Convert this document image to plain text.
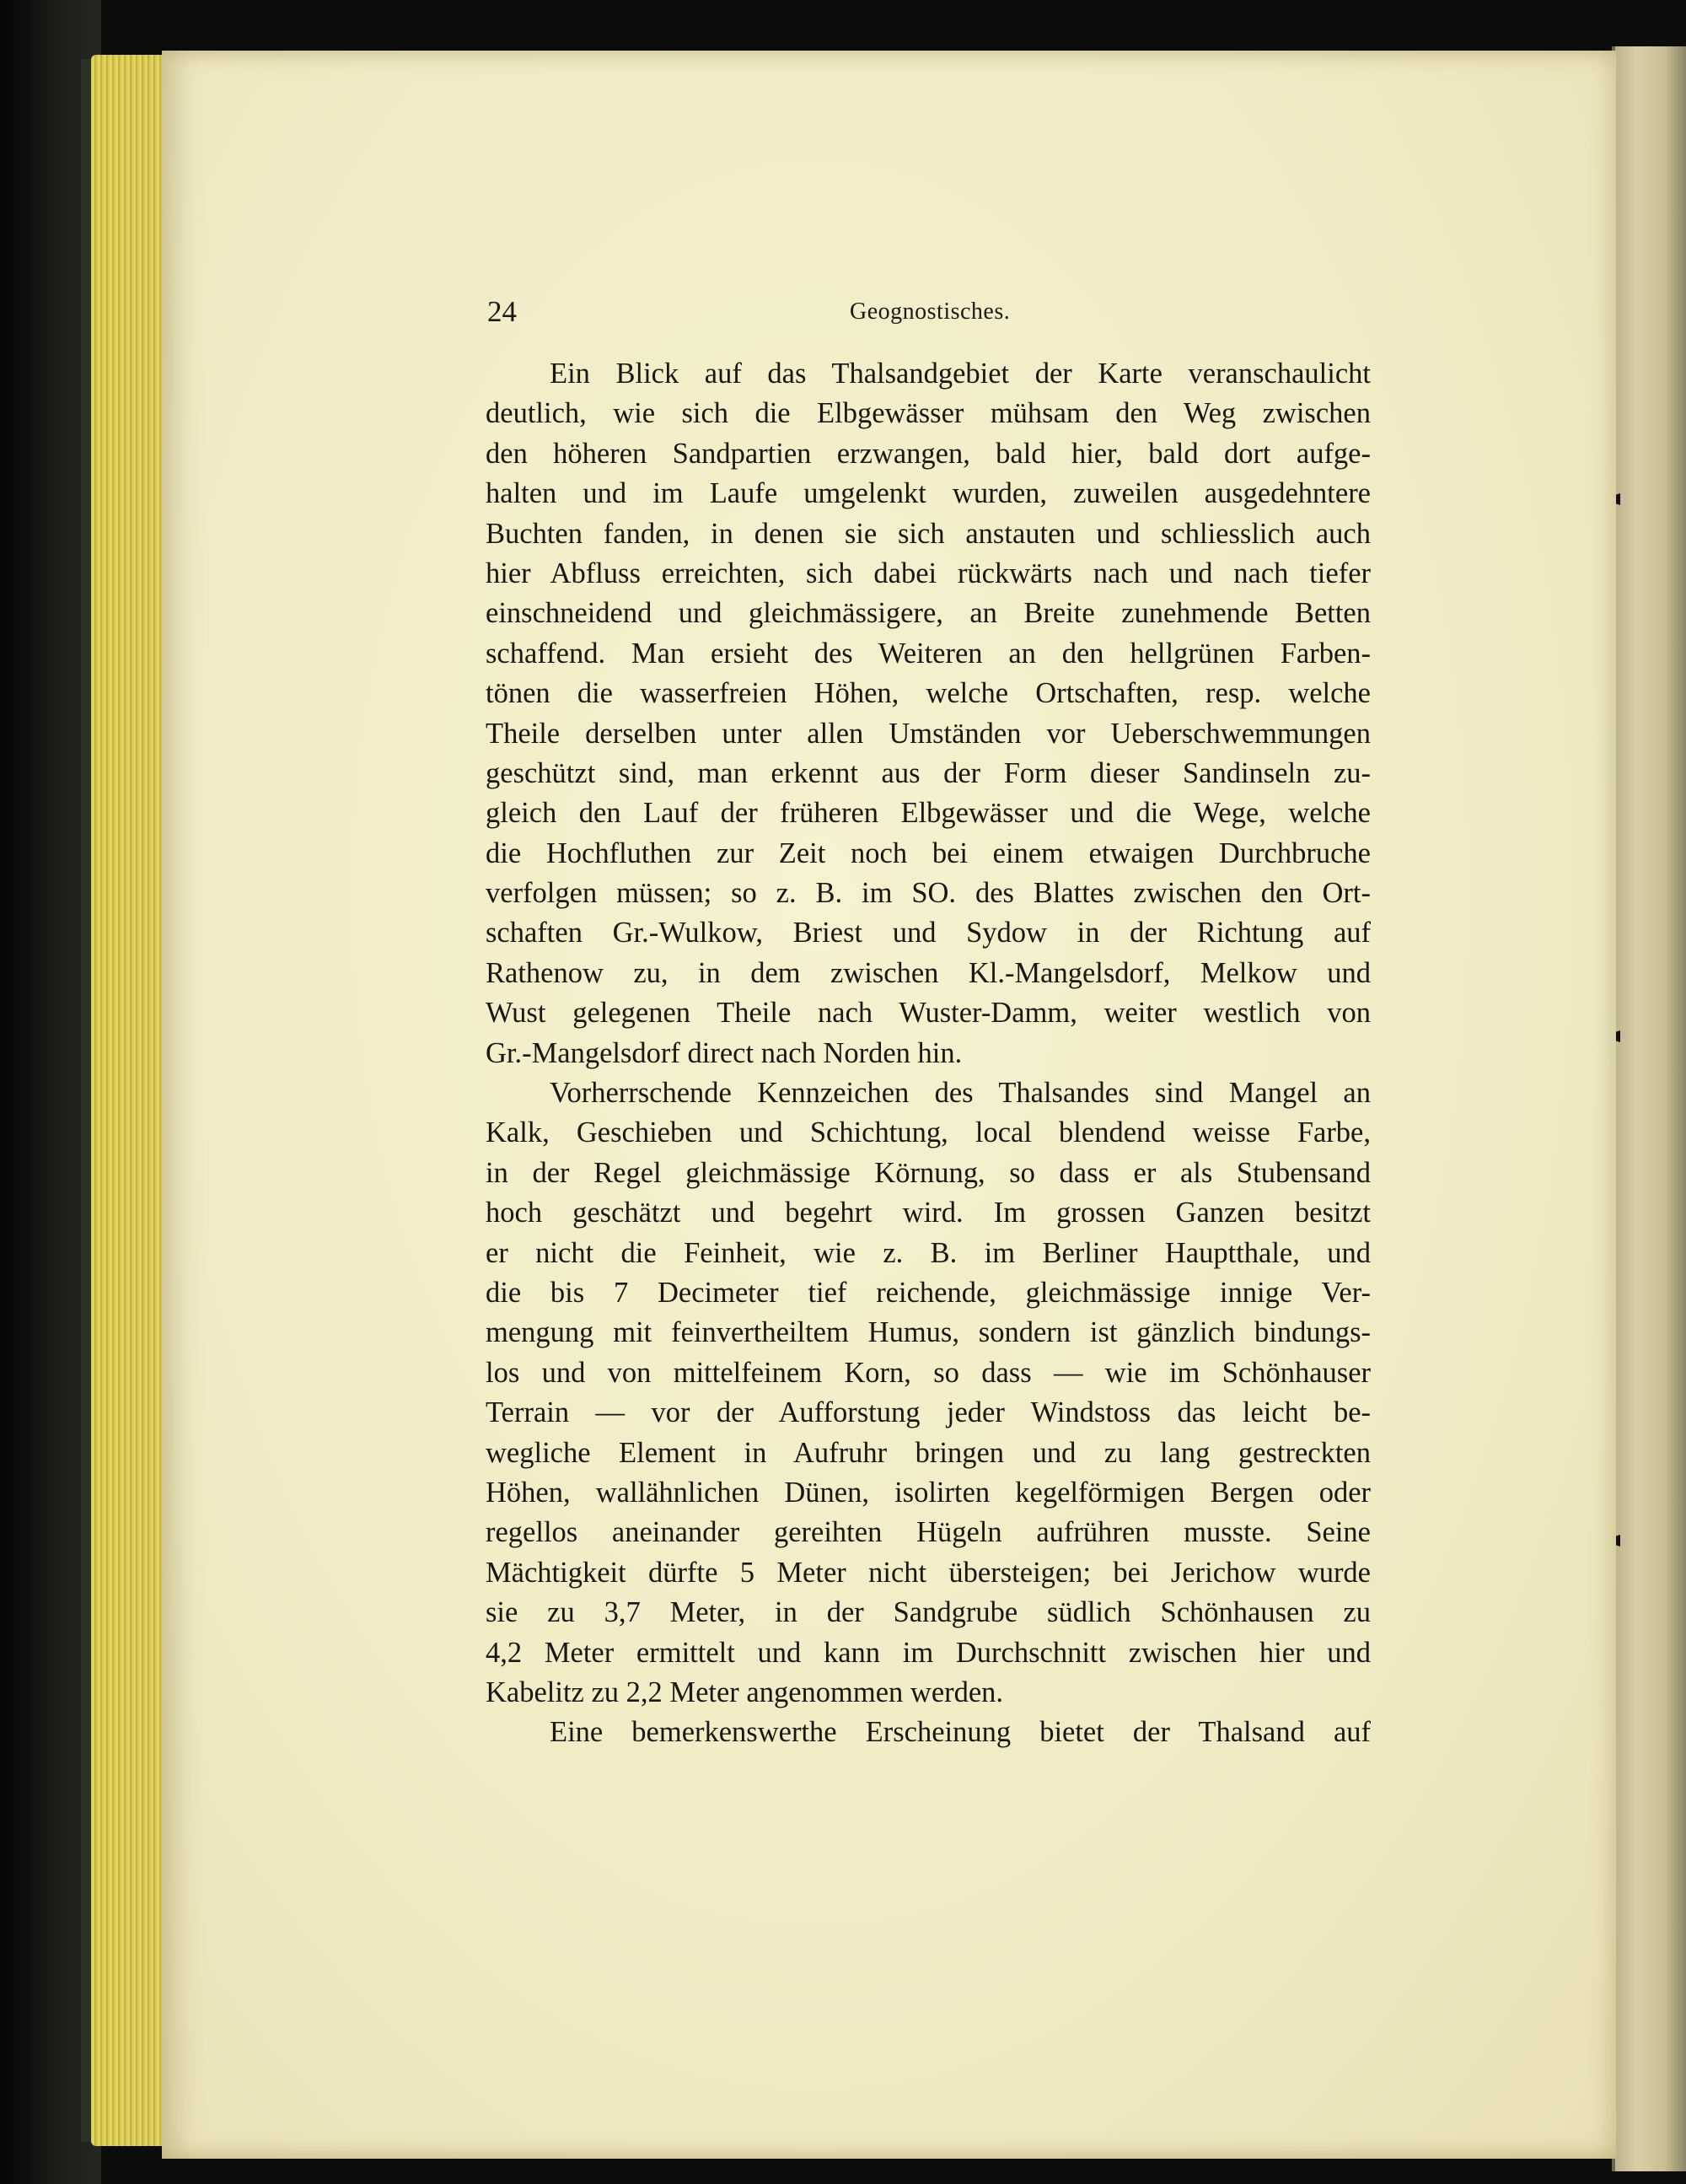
24	Geognostisches.
Ein Blick auf das Thalsandgebiet der Karte veranschaulicht
deutlich, wie sich die Elbgewässer mühsam den Weg zwischen
den höheren Sandpartien erzwangen, bald hier, bald dort aufge-
halten und im Laufe umgelenkt wurden, zuweilen ausgedehntere
Buchten fanden, in denen sie sich anstauten und schliesslich auch
hier Abfluss erreichten, sich dabei rückwärts nach und nach tiefer
einschneidend und gleichmässigere, an Breite zunehmende Betten
schaffend. Man ersieht des Weiteren an den hellgrünen Farben-
tönen die wasserfreien Höhen, welche Ortschaften, resp. welche
Theile derselben unter allen Umständen vor Ueberschwemmungen
geschützt sind, man erkennt aus der Form dieser Sandinseln zu-
gleich den Lauf der früheren Elbgewässer und die Wege, welche
die Hochfluthen zur Zeit noch bei einem etwaigen Durchbruche
verfolgen müssen; so z. B. im SO. des Blattes zwischen den Ort-
schaften Gr.-Wulkow, Briest und Sydow in der Richtung auf
Rathenow zu, in dem zwischen Kl.-Mangelsdorf, Melkow und
Wust gelegenen Theile nach Wuster-Damm, weiter westlich von
Gr.-Mangelsdorf direct nach Norden hin.
Vorherrschende Kennzeichen des Thalsandes sind Mangel an
Kalk, Geschieben und Schichtung, local blendend weisse Farbe,
in der Regel gleichmässige Körnung, so dass er als Stubensand
hoch geschätzt und begehrt wird. Im grossen Ganzen besitzt
er nicht die Feinheit, wie z. B. im Berliner Hauptthale, und
die bis 7 Decimeter tief reichende, gleichmässige innige Ver-
mengung mit feinvertheiltem Humus, sondern ist gänzlich bindungs-
los und von mittelfeinem Korn, so dass — wie im Schönhauser
Terrain — vor der Aufforstung jeder Windstoss das leicht be-
wegliche Element in Aufruhr bringen und zu lang gestreckten
Höhen, wallähnlichen Dünen, isolirten kegelförmigen Bergen oder
regellos aneinander gereihten Hügeln aufrühren musste. Seine
Mächtigkeit dürfte 5 Meter nicht übersteigen; bei Jerichow wurde
sie zu 3,7 Meter, in der Sandgrube südlich Schönhausen zu
4,2 Meter ermittelt und kann im Durchschnitt zwischen hier und
Kabelitz zu 2,2 Meter angenommen werden.
Eine bemerkenswerthe Erscheinung bietet der Thalsand auf
